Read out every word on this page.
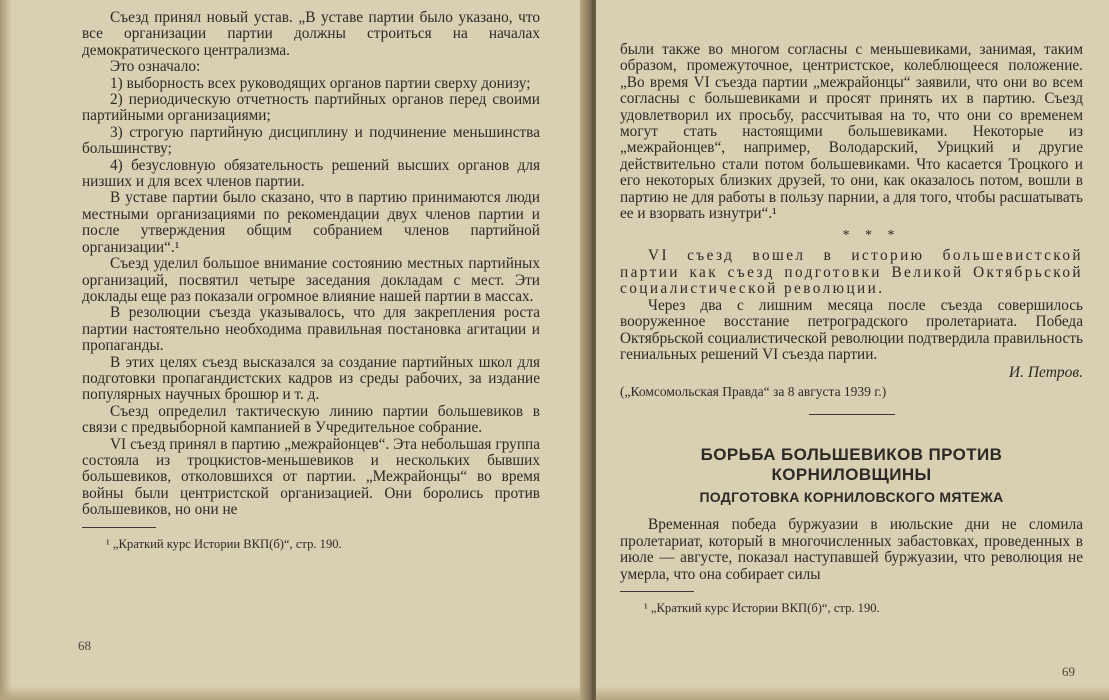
Съезд принял новый устав. „В уставе партии было указано, что все организации партии должны строиться на началах демократического централизма.

Это означало:

1) выборность всех руководящих органов партии сверху донизу;

2) периодическую отчетность партийных органов перед своими партийными организациями;

3) строгую партийную дисциплину и подчинение меньшинства большинству;

4) безусловную обязательность решений высших органов для низших и для всех членов партии.

В уставе партии было сказано, что в партию принимаются люди местными организациями по рекомендации двух членов партии и после утверждения общим собранием членов партийной организации“.¹

Съезд уделил большое внимание состоянию местных партийных организаций, посвятил четыре заседания докладам с мест. Эти доклады еще раз показали огромное влияние нашей партии в массах.

В резолюции съезда указывалось, что для закрепления роста партии настоятельно необходима правильная постановка агитации и пропаганды.

В этих целях съезд высказался за создание партийных школ для подготовки пропагандистских кадров из среды рабочих, за издание популярных научных брошюр и т. д.

Съезд определил тактическую линию партии большевиков в связи с предвыборной кампанией в Учредительное собрание.

VI съезд принял в партию „межрайонцев“. Эта небольшая группа состояла из троцкистов-меньшевиков и нескольких бывших большевиков, отколовшихся от партии. „Межрайонцы“ во время войны были центристской организацией. Они боролись против большевиков, но они не

¹ „Краткий курс Истории ВКП(б)“, стр. 190.

68

были также во многом согласны с меньшевиками, занимая, таким образом, промежуточное, центристское, колеблющееся положение. „Во время VI съезда партии „межрайонцы“ заявили, что они во всем согласны с большевиками и просят принять их в партию. Съезд удовлетворил их просьбу, рассчитывая на то, что они со временем могут стать настоящими большевиками. Некоторые из „межрайонцев“, например, Володарский, Урицкий и другие действительно стали потом большевиками. Что касается Троцкого и его некоторых близких друзей, то они, как оказалось потом, вошли в партию не для работы в пользу парнии, а для того, чтобы расшатывать ее и взорвать изнутри“.¹

* * *

VI съезд вошел в историю большевистской партии как съезд подготовки Великой Октябрьской социалистической революции.

Через два с лишним месяца после съезда совершилось вооруженное восстание петроградского пролетариата. Победа Октябрьской социалистической революции подтвердила правильность гениальных решений VI съезда партии.

И. Петров.
(„Комсомольская Правда“ за 8 августа 1939 г.)
БОРЬБА БОЛЬШЕВИКОВ ПРОТИВ КОРНИЛОВЩИНЫ
ПОДГОТОВКА КОРНИЛОВСКОГО МЯТЕЖА

Временная победа буржуазии в июльские дни не сломила пролетариат, который в многочисленных забастовках, проведенных в июле — августе, показал наступавшей буржуазии, что революция не умерла, что она собирает силы

¹ „Краткий курс Истории ВКП(б)“, стр. 190.

69
